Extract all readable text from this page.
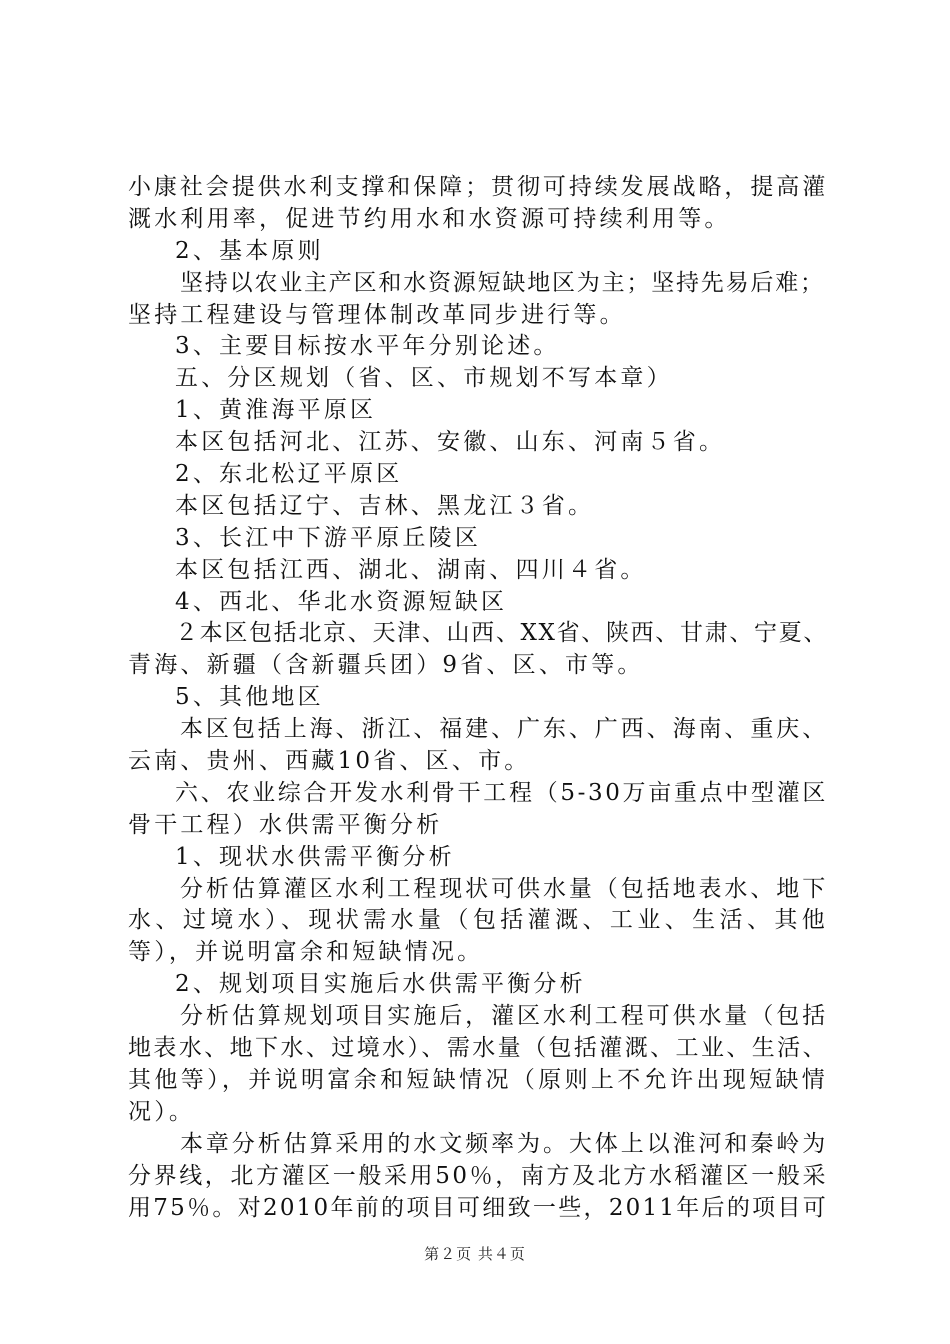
小康社会提供水利支撑和保障；贯彻可持续发展战略，提高灌
溉水利用率，促进节约用水和水资源可持续利用等。
2、基本原则
坚持以农业主产区和水资源短缺地区为主；坚持先易后难；
坚持工程建设与管理体制改革同步进行等。
3、主要目标按水平年分别论述。
五、分区规划（省、区、市规划不写本章）
1、黄淮海平原区
本区包括河北、江苏、安徽、山东、河南５省。
2、东北松辽平原区
本区包括辽宁、吉林、黑龙江３省。
3、长江中下游平原丘陵区
本区包括江西、湖北、湖南、四川４省。
4、西北、华北水资源短缺区
２本区包括北京、天津、山西、XX省、陕西、甘肃、宁夏、
青海、新疆（含新疆兵团）9省、区、市等。
5、其他地区
本区包括上海、浙江、福建、广东、广西、海南、重庆、
云南、贵州、西藏10省、区、市。
六、农业综合开发水利骨干工程（5-30万亩重点中型灌区
骨干工程）水供需平衡分析
1、现状水供需平衡分析
分析估算灌区水利工程现状可供水量（包括地表水、地下
水、过境水）、现状需水量（包括灌溉、工业、生活、其他
等），并说明富余和短缺情况。
2、规划项目实施后水供需平衡分析
分析估算规划项目实施后，灌区水利工程可供水量（包括
地表水、地下水、过境水）、需水量（包括灌溉、工业、生活、
其他等），并说明富余和短缺情况（原则上不允许出现短缺情
况）。
本章分析估算采用的水文频率为。大体上以淮河和秦岭为
分界线，北方灌区一般采用50％，南方及北方水稻灌区一般采
用75％。对2010年前的项目可细致一些，2011年后的项目可
第２页 共４页
